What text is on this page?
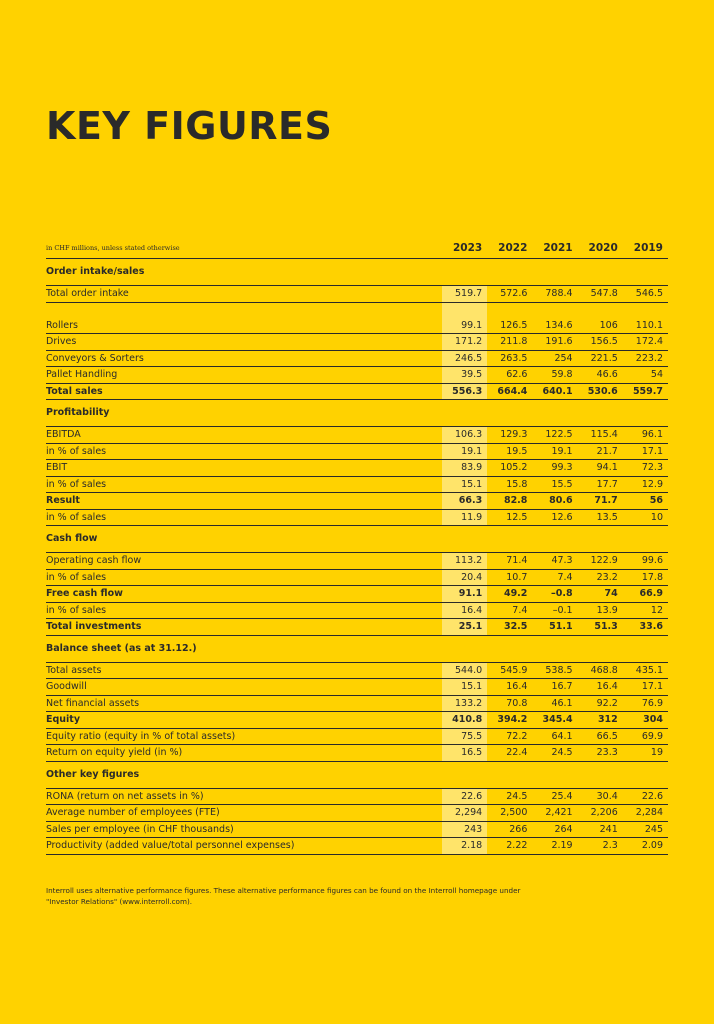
KEY FIGURES
in CHF millions, unless stated otherwise	2023	2022	2021	2020	2019
Order intake/sales					
Total order intake	519.7	572.6	788.4	547.8	546.5

Rollers	99.1	126.5	134.6	106	110.1
Drives	171.2	211.8	191.6	156.5	172.4
Conveyors & Sorters	246.5	263.5	254	221.5	223.2
Pallet Handling	39.5	62.6	59.8	46.6	54
Total sales	556.3	664.4	640.1	530.6	559.7
Profitability					
EBITDA	106.3	129.3	122.5	115.4	96.1
in % of sales	19.1	19.5	19.1	21.7	17.1
EBIT	83.9	105.2	99.3	94.1	72.3
in % of sales	15.1	15.8	15.5	17.7	12.9
Result	66.3	82.8	80.6	71.7	56
in % of sales	11.9	12.5	12.6	13.5	10
Cash flow					
Operating cash flow	113.2	71.4	47.3	122.9	99.6
in % of sales	20.4	10.7	7.4	23.2	17.8
Free cash flow	91.1	49.2	–0.8	74	66.9
in % of sales	16.4	7.4	–0.1	13.9	12
Total investments	25.1	32.5	51.1	51.3	33.6
Balance sheet (as at 31.12.)					
Total assets	544.0	545.9	538.5	468.8	435.1
Goodwill	15.1	16.4	16.7	16.4	17.1
Net financial assets	133.2	70.8	46.1	92.2	76.9
Equity	410.8	394.2	345.4	312	304
Equity ratio (equity in % of total assets)	75.5	72.2	64.1	66.5	69.9
Return on equity yield (in %)	16.5	22.4	24.5	23.3	19
Other key figures					
RONA (return on net assets in %)	22.6	24.5	25.4	30.4	22.6
Average number of employees (FTE)	2,294	2,500	2,421	2,206	2,284
Sales per employee (in CHF thousands)	243	266	264	241	245
Productivity (added value/total personnel expenses)	2.18	2.22	2.19	2.3	2.09

Interroll uses alternative performance figures. These alternative performance figures can be found on the Interroll homepage under

"Investor Relations" (www.interroll.com).
